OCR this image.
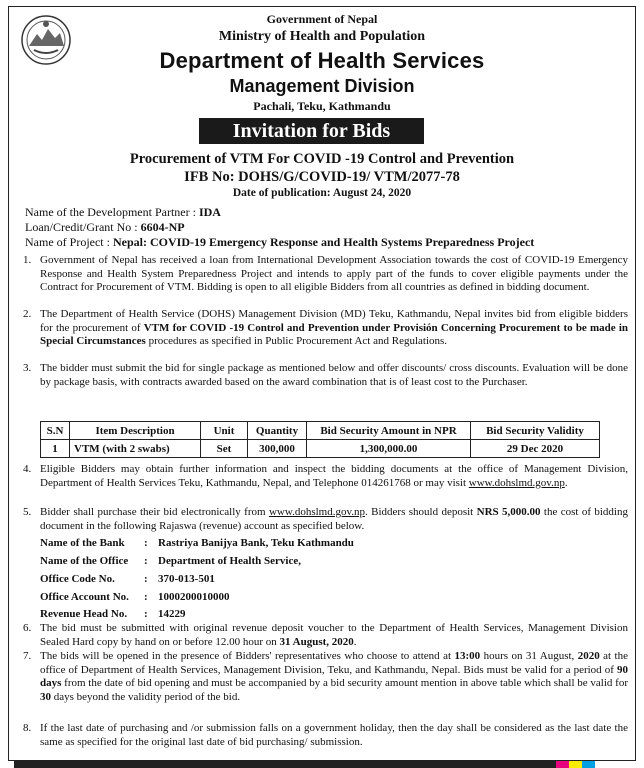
Government of Nepal
Ministry of Health and Population
Department of Health Services
Management Division
Pachali, Teku, Kathmandu
Invitation for Bids
Procurement of VTM For COVID -19 Control and Prevention
IFB No: DOHS/G/COVID-19/ VTM/2077-78
Date of publication: August 24, 2020
Name of the Development Partner : IDA
Loan/Credit/Grant No : 6604-NP
Name of Project : Nepal: COVID-19 Emergency Response and Health Systems Preparedness Project
1. Government of Nepal has received a loan from International Development Association towards the cost of COVID-19 Emergency Response and Health System Preparedness Project and intends to apply part of the funds to cover eligible payments under the Contract for Procurement of VTM. Bidding is open to all eligible Bidders from all countries as defined in bidding document.
2. The Department of Health Service (DOHS) Management Division (MD) Teku, Kathmandu, Nepal invites bid from eligible bidders for the procurement of VTM for COVID -19 Control and Prevention under Provisión Concerning Procurement to be made in Special Circumstances procedures as specified in Public Procurement Act and Regulations.
3. The bidder must submit the bid for single package as mentioned below and offer discounts/ cross discounts. Evaluation will be done by package basis, with contracts awarded based on the award combination that is of least cost to the Purchaser.
S.N	Item Description	Unit	Quantity	Bid Security Amount in NPR	Bid Security Validity
1	VTM (with 2 swabs)	Set	300,000	1,300,000.00	29 Dec 2020
4. Eligible Bidders may obtain further information and inspect the bidding documents at the office of Management Division, Department of Health Services Teku, Kathmandu, Nepal, and Telephone 014261768 or may visit www.dohslmd.gov.np.
5. Bidder shall purchase their bid electronically from www.dohslmd.gov.np. Bidders should deposit NRS 5,000.00 the cost of bidding document in the following Rajaswa (revenue) account as specified below.
Name of the Bank : Rastriya Banijya Bank, Teku Kathmandu
Name of the Office : Department of Health Service,
Office Code No.	: 370-013-501
Office Account No. : 1000200010000
Revenue Head No. : 14229
6. The bid must be submitted with original revenue deposit voucher to the Department of Health Services, Management Division Sealed Hard copy by hand on or before 12.00 hour on 31 August, 2020.
7. The bids will be opened in the presence of Bidders' representatives who choose to attend at 13:00 hours on 31 August, 2020 at the office of Department of Health Services, Management Division, Teku, and Kathmandu, Nepal. Bids must be valid for a period of 90 days from the date of bid opening and must be accompanied by a bid security amount mention in above table which shall be valid for 30 days beyond the validity period of the bid.
8. If the last date of purchasing and /or submission falls on a government holiday, then the day shall be considered as the last date the same as specified for the original last date of bid purchasing/ submission.
